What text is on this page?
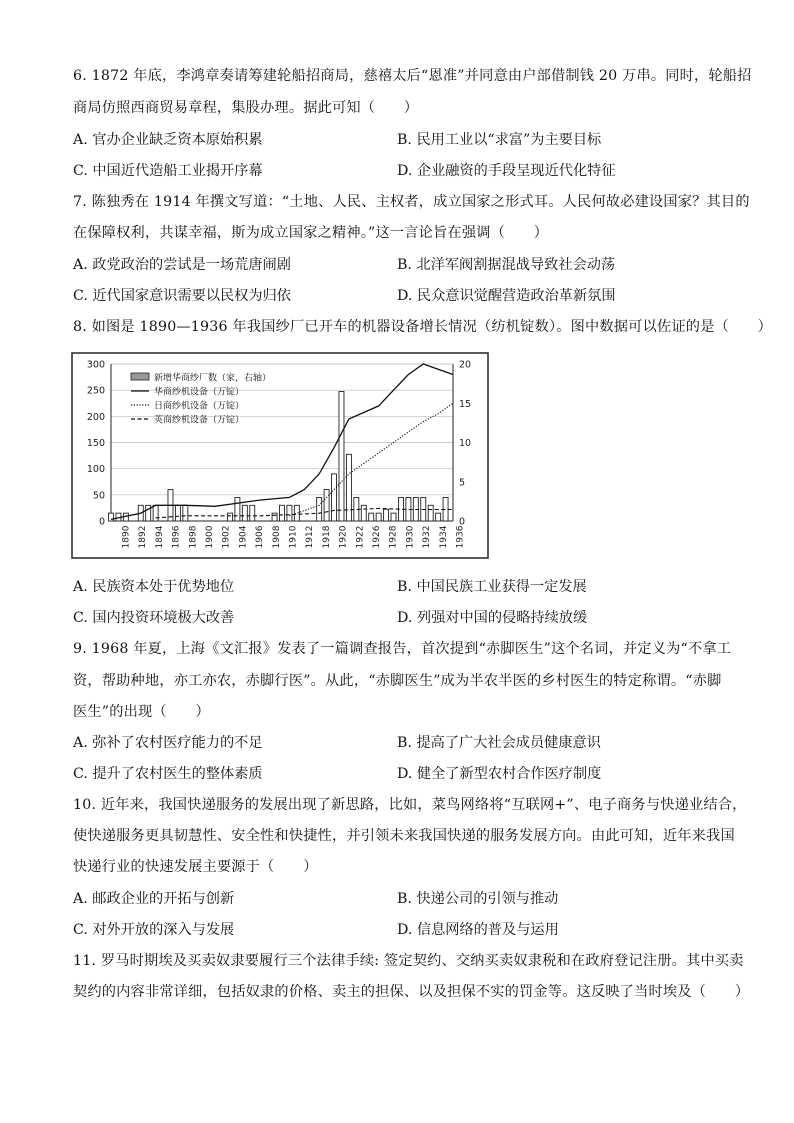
6. 1872 年底，李鸿章奏请筹建轮船招商局，慈禧太后“恩准”并同意由户部借制钱 20 万串。同时，轮船招
商局仿照西商贸易章程，集股办理。据此可知（　　）
A. 官办企业缺乏资本原始积累	B. 民用工业以“求富”为主要目标
C. 中国近代造船工业揭开序幕	D. 企业融资的手段呈现近代化特征
7. 陈独秀在 1914 年撰文写道：“土地、人民、主权者，成立国家之形式耳。人民何故必建设国家？其目的
在保障权利，共谋幸福，斯为成立国家之精神。”这一言论旨在强调（　　）
A. 政党政治的尝试是一场荒唐闹剧	B. 北洋军阀割据混战导致社会动荡
C. 近代国家意识需要以民权为归依	D. 民众意识觉醒营造政治革新氛围
8. 如图是 1890—1936 年我国纱厂已开车的机器设备增长情况（纺机锭数）。图中数据可以佐证的是（　　）
0
50
100
150
200
250
300
0
5
10
15
20
1890 1892 1894 1896 1898 1900 1902 1904 1906 1908 1910 1912 1918 1920 1922 1926 1928 1930 1932 1934 1936
新增华商纱厂数（家，右轴）
华商纱机设备（万锭）
日商纱机设备（万锭）
英商纱机设备（万锭）
A. 民族资本处于优势地位	B. 中国民族工业获得一定发展
C. 国内投资环境极大改善	D. 列强对中国的侵略持续放缓
9. 1968 年夏，上海《文汇报》发表了一篇调查报告，首次提到“赤脚医生”这个名词，并定义为“不拿工
资，帮助种地，亦工亦农，赤脚行医”。从此，“赤脚医生”成为半农半医的乡村医生的特定称谓。“赤脚
医生”的出现（　　）
A. 弥补了农村医疗能力的不足	B. 提高了广大社会成员健康意识
C. 提升了农村医生的整体素质	D. 健全了新型农村合作医疗制度
10. 近年来，我国快递服务的发展出现了新思路，比如，菜鸟网络将“互联网+”、电子商务与快递业结合，
使快递服务更具韧慧性、安全性和快捷性，并引领未来我国快递的服务发展方向。由此可知，近年来我国
快递行业的快速发展主要源于（　　）
A. 邮政企业的开拓与创新	B. 快递公司的引领与推动
C. 对外开放的深入与发展	D. 信息网络的普及与运用
11. 罗马时期埃及买卖奴隶要履行三个法律手续: 签定契约、交纳买卖奴隶税和在政府登记注册。其中买卖
契约的内容非常详细，包括奴隶的价格、卖主的担保、以及担保不实的罚金等。这反映了当时埃及（　　）
